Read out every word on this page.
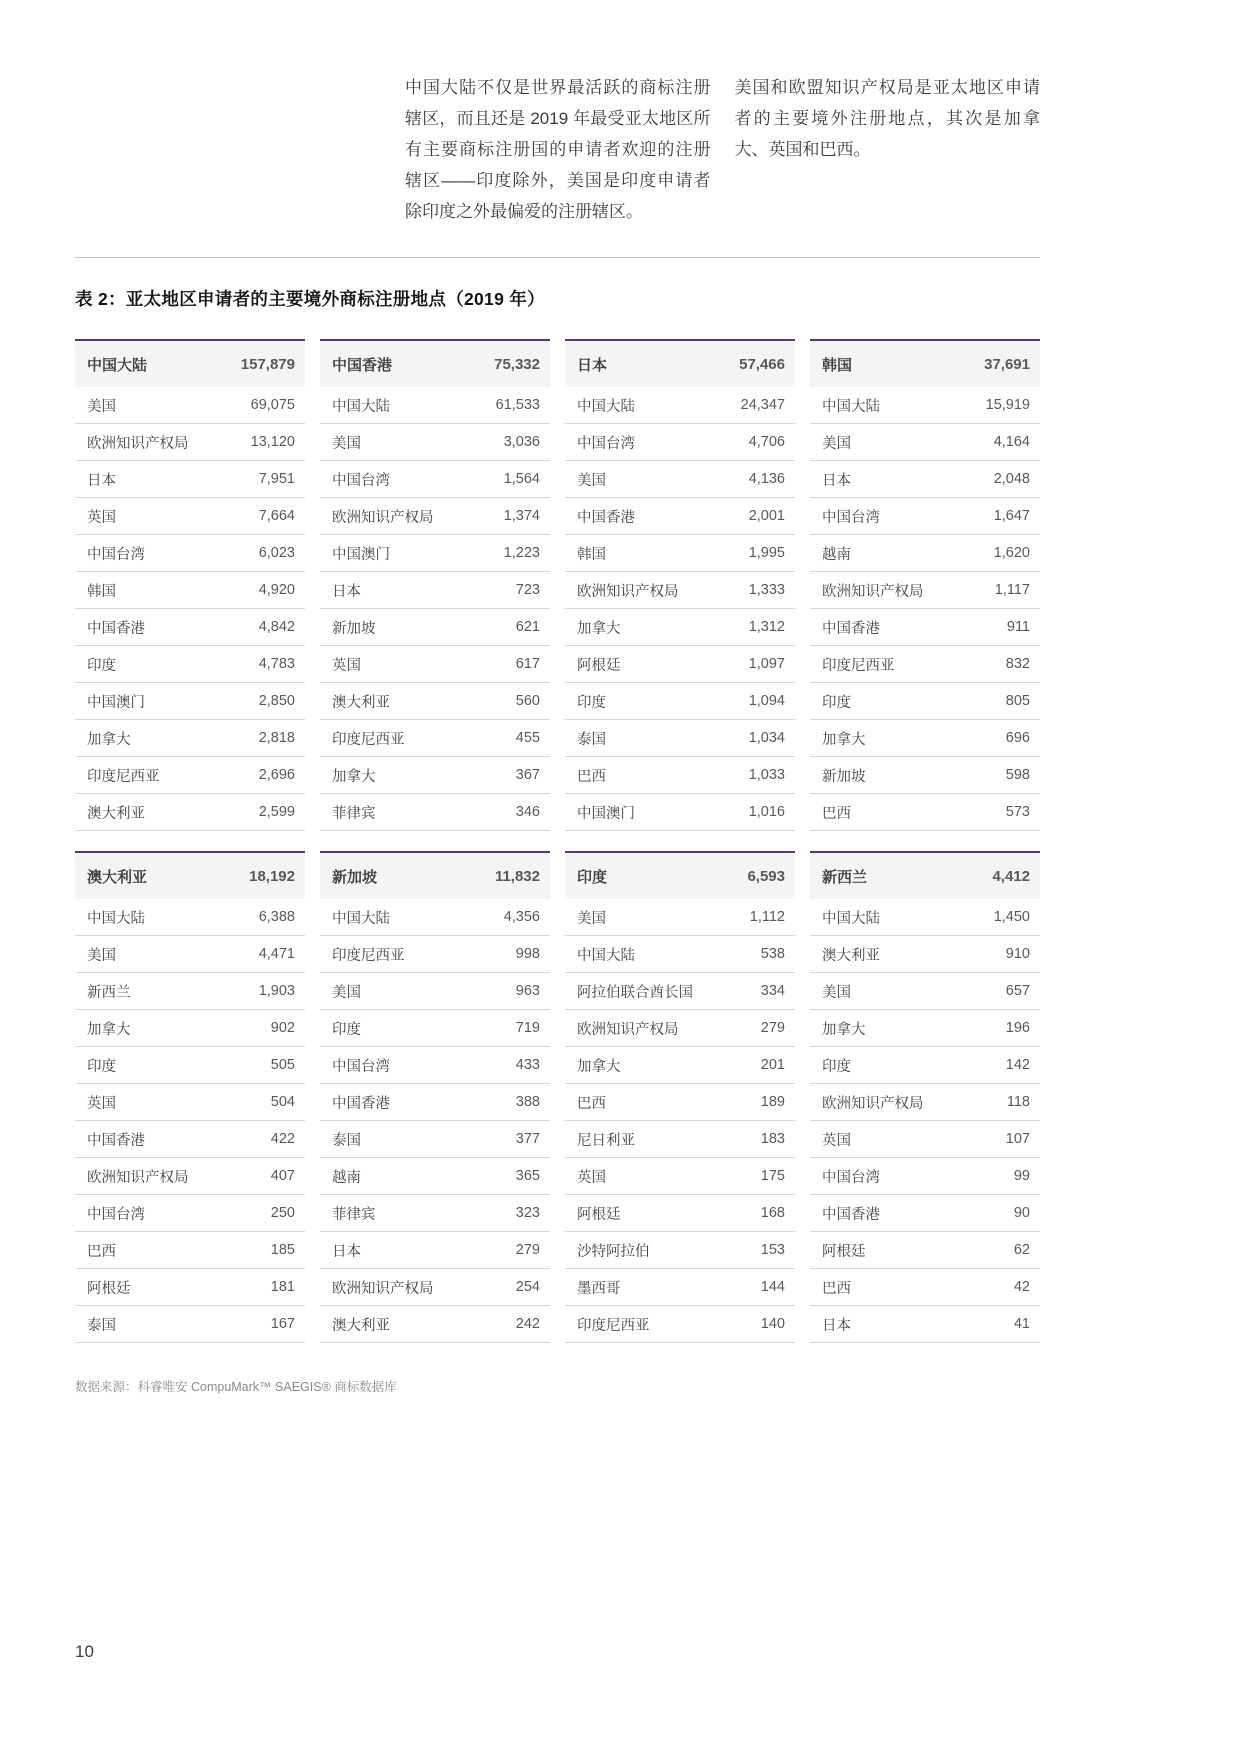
中国大陆不仅是世界最活跃的商标注册辖区，而且还是 2019 年最受亚太地区所有主要商标注册国的申请者欢迎的注册辖区——印度除外，美国是印度申请者除印度之外最偏爱的注册辖区。

美国和欧盟知识产权局是亚太地区申请者的主要境外注册地点，其次是加拿大、英国和巴西。

表 2：亚太地区申请者的主要境外商标注册地点（2019 年）
中国大陆	157,879
美国	69,075
欧洲知识产权局	13,120
日本	7,951
英国	7,664
中国台湾	6,023
韩国	4,920
中国香港	4,842
印度	4,783
中国澳门	2,850
加拿大	2,818
印度尼西亚	2,696
澳大利亚	2,599
中国香港	75,332
中国大陆	61,533
美国	3,036
中国台湾	1,564
欧洲知识产权局	1,374
中国澳门	1,223
日本	723
新加坡	621
英国	617
澳大利亚	560
印度尼西亚	455
加拿大	367
菲律宾	346
日本	57,466
中国大陆	24,347
中国台湾	4,706
美国	4,136
中国香港	2,001
韩国	1,995
欧洲知识产权局	1,333
加拿大	1,312
阿根廷	1,097
印度	1,094
泰国	1,034
巴西	1,033
中国澳门	1,016
韩国	37,691
中国大陆	15,919
美国	4,164
日本	2,048
中国台湾	1,647
越南	1,620
欧洲知识产权局	1,117
中国香港	911
印度尼西亚	832
印度	805
加拿大	696
新加坡	598
巴西	573
澳大利亚	18,192
中国大陆	6,388
美国	4,471
新西兰	1,903
加拿大	902
印度	505
英国	504
中国香港	422
欧洲知识产权局	407
中国台湾	250
巴西	185
阿根廷	181
泰国	167
新加坡	11,832
中国大陆	4,356
印度尼西亚	998
美国	963
印度	719
中国台湾	433
中国香港	388
泰国	377
越南	365
菲律宾	323
日本	279
欧洲知识产权局	254
澳大利亚	242
印度	6,593
美国	1,112
中国大陆	538
阿拉伯联合酋长国	334
欧洲知识产权局	279
加拿大	201
巴西	189
尼日利亚	183
英国	175
阿根廷	168
沙特阿拉伯	153
墨西哥	144
印度尼西亚	140
新西兰	4,412
中国大陆	1,450
澳大利亚	910
美国	657
加拿大	196
印度	142
欧洲知识产权局	118
英国	107
中国台湾	99
中国香港	90
阿根廷	62
巴西	42
日本	41

数据来源：科睿唯安 CompuMark™ SAEGIS® 商标数据库

10
